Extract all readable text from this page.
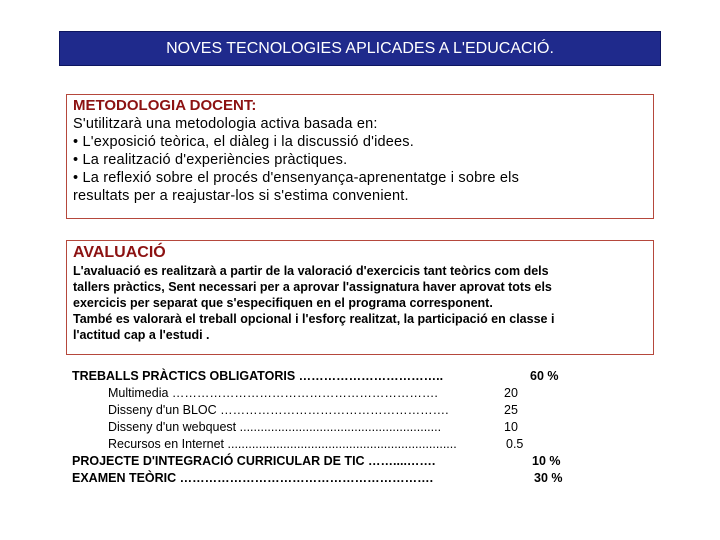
NOVES TECNOLOGIES APLICADES A L'EDUCACIÓ.
METODOLOGIA DOCENT:
S'utilitzarà una metodologia activa basada en:
• L'exposició teòrica, el diàleg i la discussió d'idees.
• La realització d'experiències pràctiques.
• La reflexió sobre el procés d'ensenyança-aprenentatge i sobre els
resultats per a reajustar-los si s'estima convenient.
AVALUACIÓ
L'avaluació es realitzarà a partir de la valoració d'exercicis tant teòrics com dels
tallers pràctics, Sent necessari per a aprovar l'assignatura haver aprovat tots els
exercicis per separat que s'especifiquen en el programa corresponent.
També es valorarà el treball opcional i l'esforç realitzat, la participació en classe i
l'actitud cap a l'estudi .
TREBALLS PRÀCTICS OBLIGATORIS ……………………………..	60 %
Multimedia ……………………………………………………….	20
Disseny d'un BLOC ……………………………………………….	25
Disseny d'un webquest ..........................................................	10
Recursos en Internet ..................................................................	0.5
PROJECTE D'INTEGRACIÓ CURRICULAR DE TIC ……....…….	10 %
EXAMEN TEÒRIC …………………………………………………….	30 %
